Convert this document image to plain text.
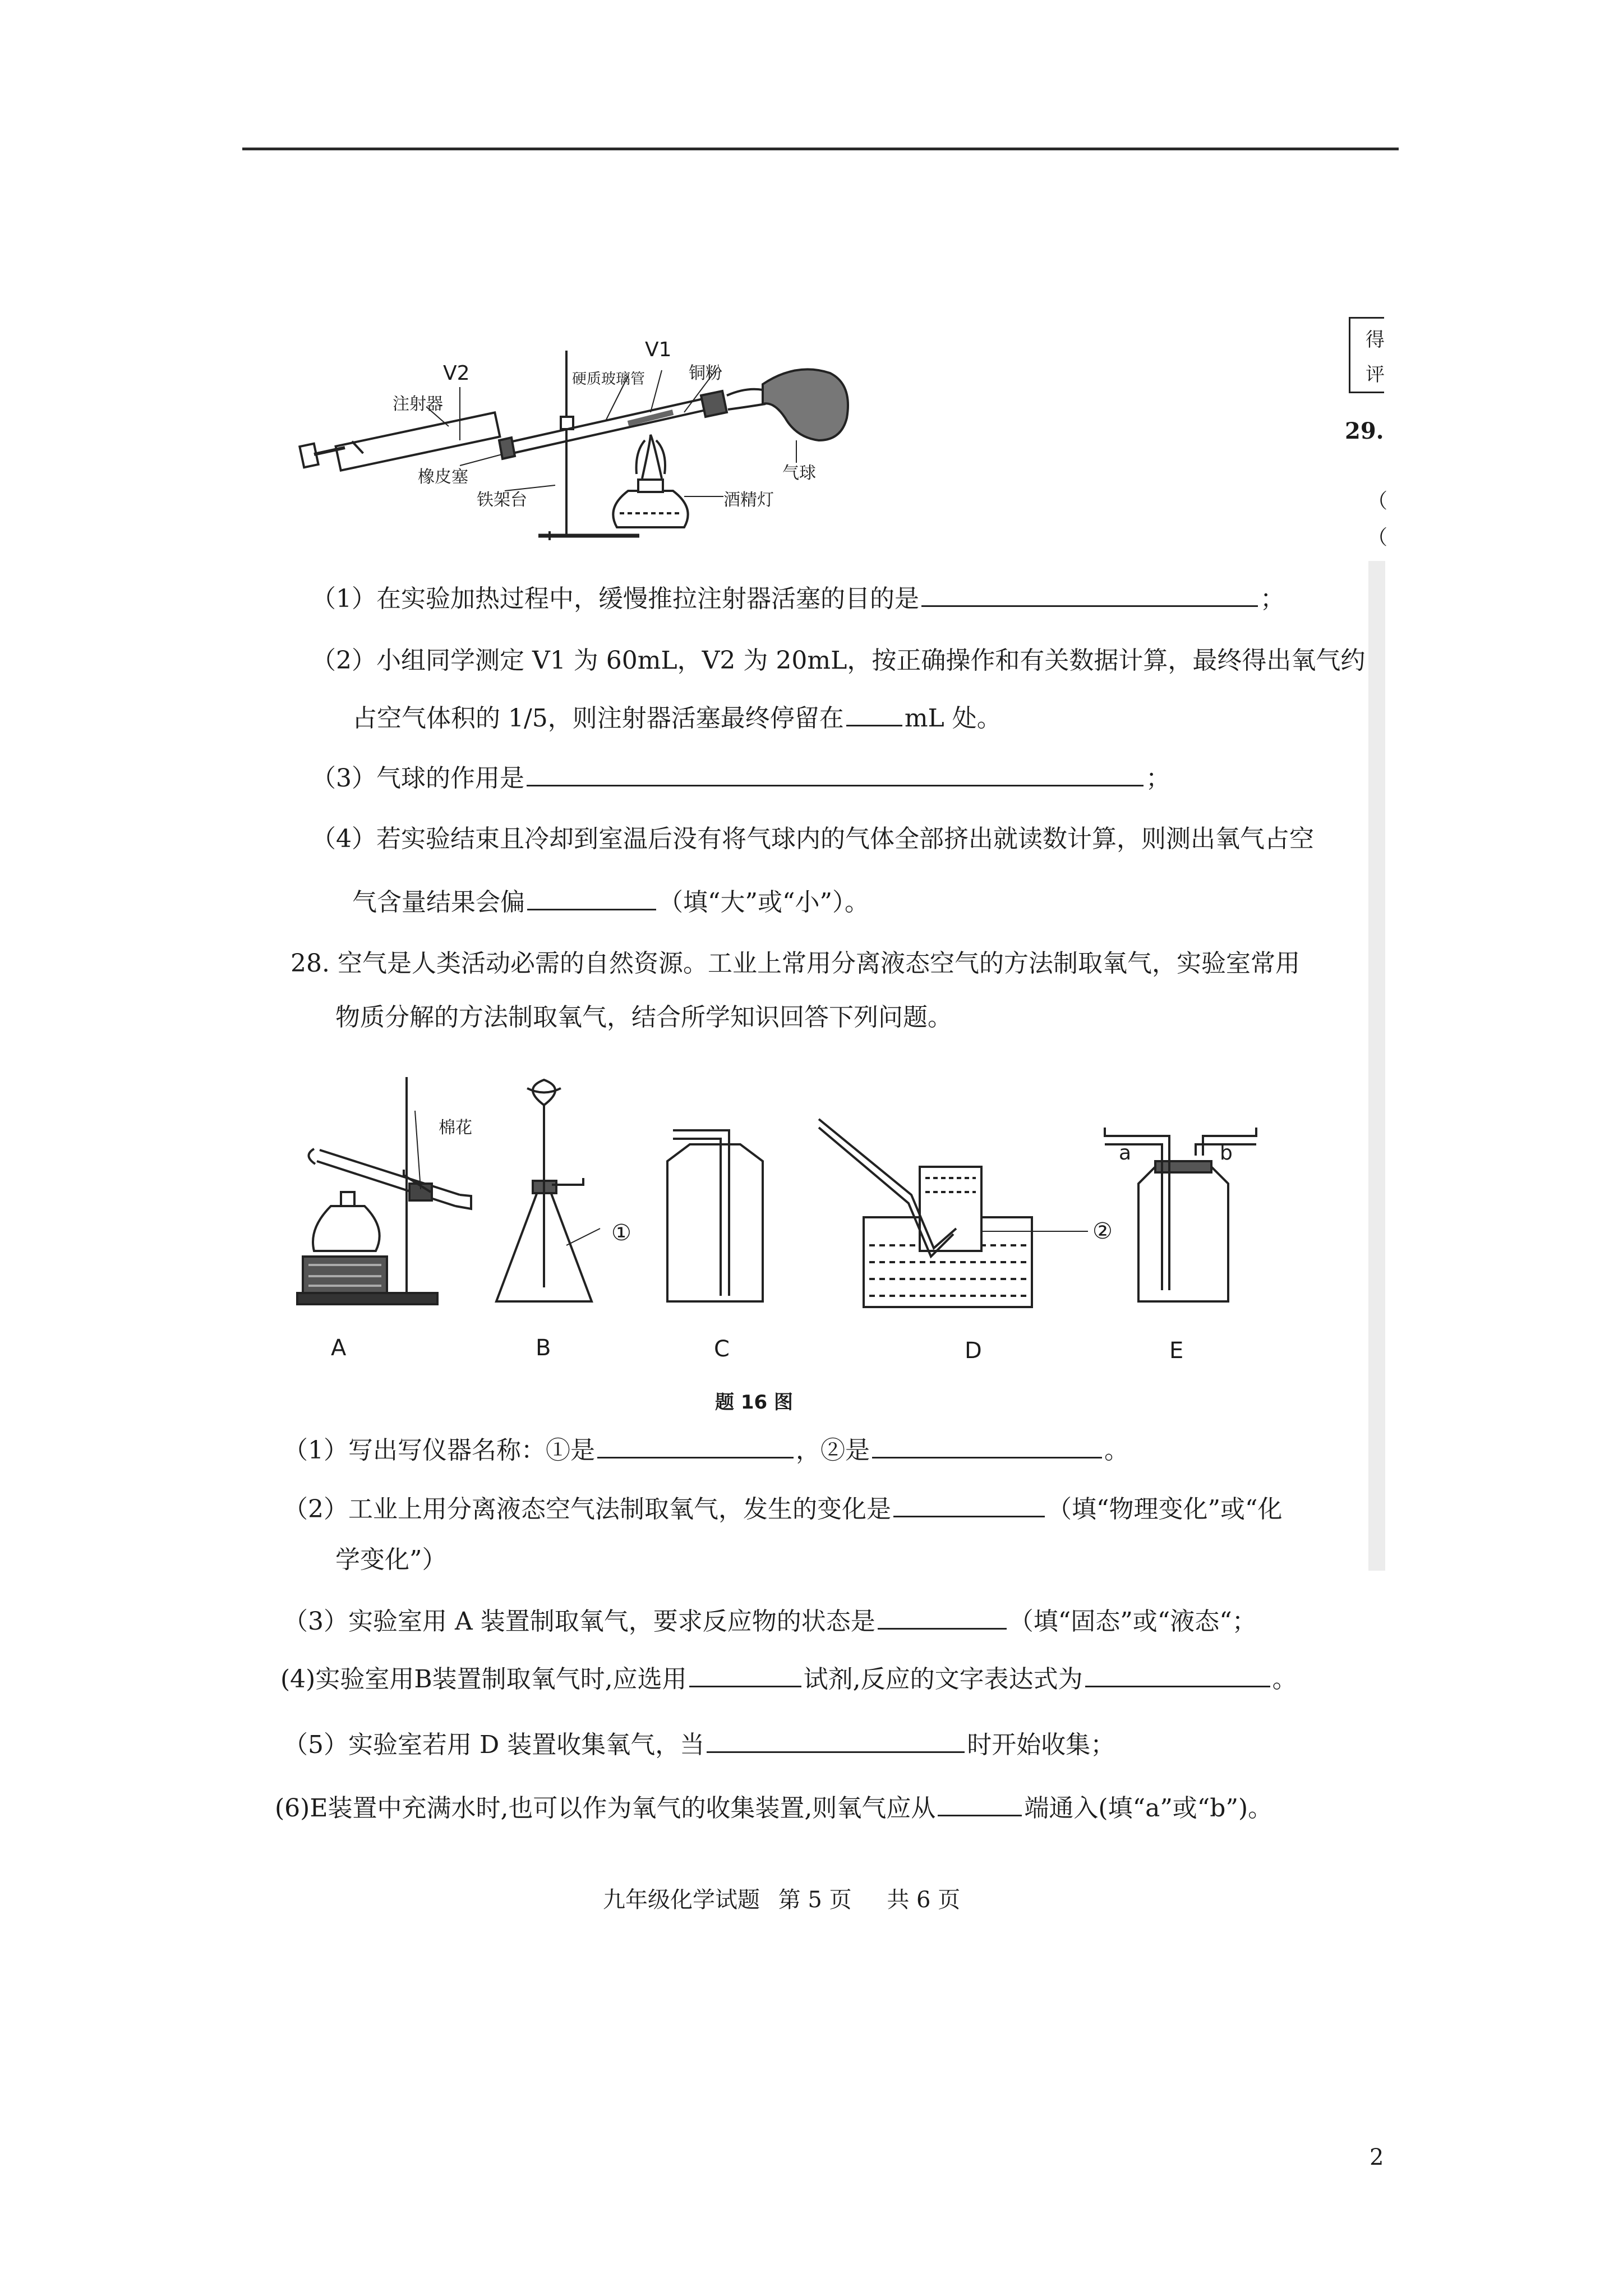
V2
V1
注射器
硬质玻璃管	铜粉
橡皮塞
铁架台	酒精灯
气球
（1）在实验加热过程中，缓慢推拉注射器活塞的目的是	；
（2）小组同学测定 V1 为 60mL，V2 为 20mL，按正确操作和有关数据计算，最终得出氧气约
占空气体积的 1/5，则注射器活塞最终停留在 mL 处。
（3）气球的作用是	；
（4）若实验结束且冷却到室温后没有将气球内的气体全部挤出就读数计算，则测出氧气占空
气含量结果会偏	（填“大”或“小”）。
28. 空气是人类活动必需的自然资源。工业上常用分离液态空气的方法制取氧气，实验室常用
物质分解的方法制取氧气，结合所学知识回答下列问题。
棉花
①	②
a	b
A	B	C	D	E
题 16 图
（1）写出写仪器名称：①是	，②是	。
（2）工业上用分离液态空气法制取氧气，发生的变化是	（填“物理变化”或“化
学变化”）
（3）实验室用 A 装置制取氧气，要求反应物的状态是	（填“固态”或“液态“；
(4)实验室用B装置制取氧气时,应选用	试剂,反应的文字表达式为	。
（5）实验室若用 D 装置收集氧气，当	时开始收集；
(6)E装置中充满水时,也可以作为氧气的收集装置,则氧气应从	端通入(填“a”或“b”)。
九年级化学试题 第 5 页 共 6 页
2
得
评
29.
（
（
